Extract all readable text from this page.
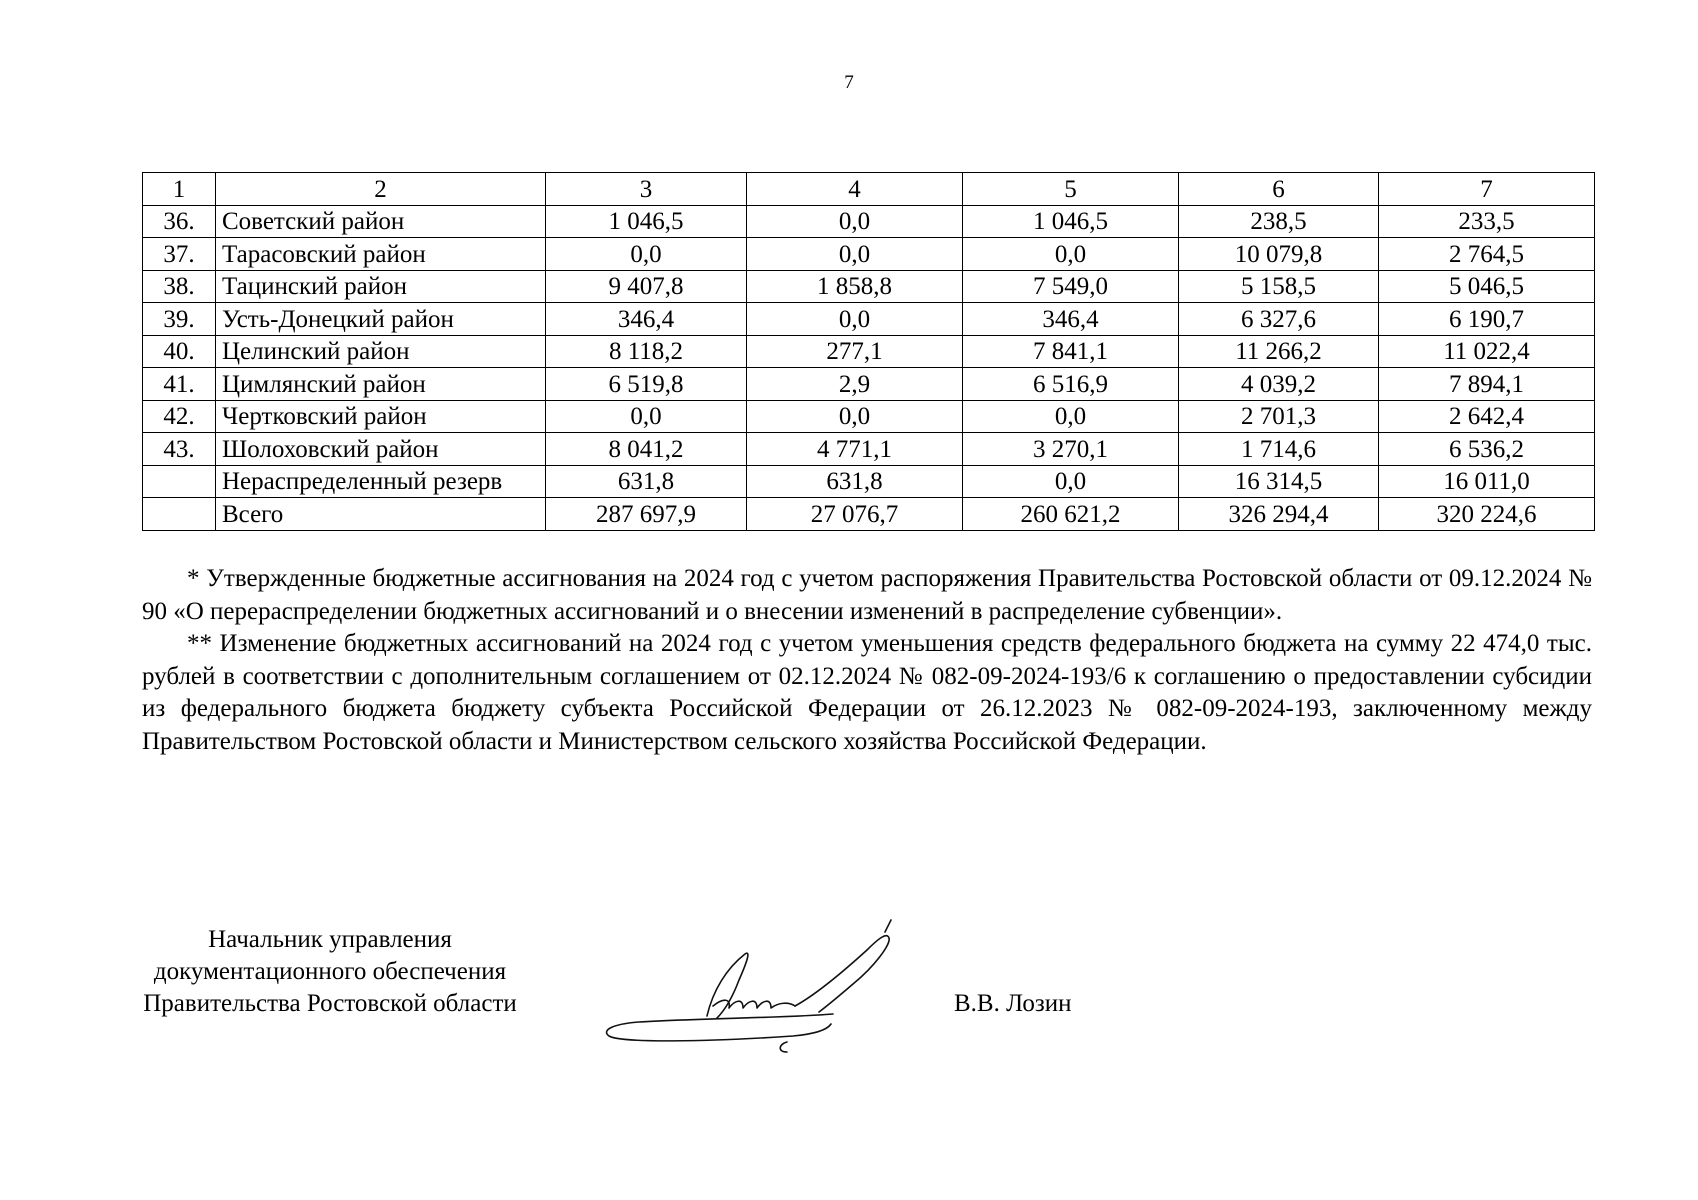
7
1	2	3	4	5	6	7
36.	Советский район	1 046,5	0,0	1 046,5	238,5	233,5
37.	Тарасовский район	0,0	0,0	0,0	10 079,8	2 764,5
38.	Тацинский район	9 407,8	1 858,8	7 549,0	5 158,5	5 046,5
39.	Усть-Донецкий район	346,4	0,0	346,4	6 327,6	6 190,7
40.	Целинский район	8 118,2	277,1	7 841,1	11 266,2	11 022,4
41.	Цимлянский район	6 519,8	2,9	6 516,9	4 039,2	7 894,1
42.	Чертковский район	0,0	0,0	0,0	2 701,3	2 642,4
43.	Шолоховский район	8 041,2	4 771,1	3 270,1	1 714,6	6 536,2
	Нераспределенный резерв	631,8	631,8	0,0	16 314,5	16 011,0
	Всего	287 697,9	27 076,7	260 621,2	326 294,4	320 224,6

* Утвержденные бюджетные ассигнования на 2024 год с учетом распоряжения Правительства Ростовской области от 09.12.2024 № 90 «О перераспределении бюджетных ассигнований и о внесении изменений в распределение субвенции».

** Изменение бюджетных ассигнований на 2024 год с учетом уменьшения средств федерального бюджета на сумму 22 474,0 тыс. рублей в соответствии с дополнительным соглашением от 02.12.2024 № 082-09-2024-193/6 к соглашению о предоставлении субсидии из федерального бюджета бюджету субъекта Российской Федерации от 26.12.2023 № 082-09-2024-193, заключенному между Правительством Ростовской области и Министерством сельского хозяйства Российской Федерации.

Начальник управления
документационного обеспечения
Правительства Ростовской области	В.В. Лозин
